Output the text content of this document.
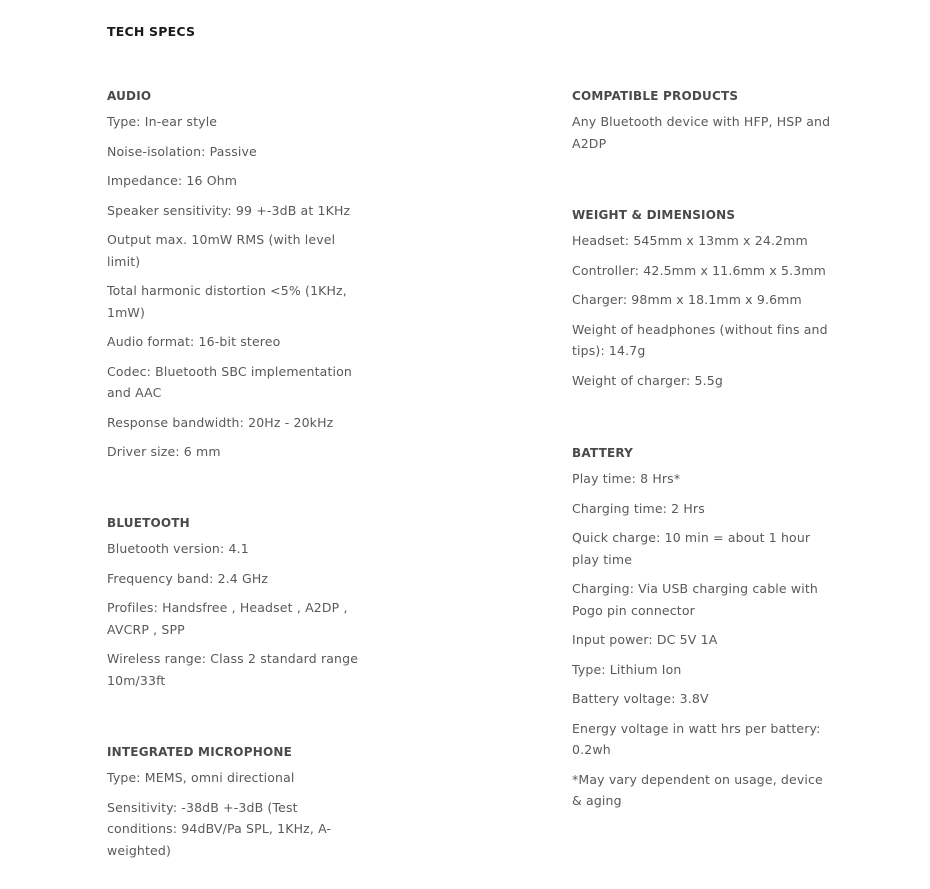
TECH SPECS
AUDIO
Type: In-ear style
Noise-isolation: Passive
Impedance: 16 Ohm
Speaker sensitivity: 99 +-3dB at 1KHz
Output max. 10mW RMS (with level limit)
Total harmonic distortion <5% (1KHz, 1mW)
Audio format: 16-bit stereo
Codec: Bluetooth SBC implementation and AAC
Response bandwidth: 20Hz - 20kHz
Driver size: 6 mm
BLUETOOTH
Bluetooth version: 4.1
Frequency band: 2.4 GHz
Profiles: Handsfree , Headset , A2DP , AVCRP , SPP
Wireless range: Class 2 standard range 10m/33ft
INTEGRATED MICROPHONE
Type: MEMS, omni directional
Sensitivity: -38dB +-3dB (Test conditions: 94dBV/Pa SPL, 1KHz, A-weighted)
COMPATIBLE PRODUCTS
Any Bluetooth device with HFP, HSP and A2DP
WEIGHT & DIMENSIONS
Headset: 545mm x 13mm x 24.2mm
Controller: 42.5mm x 11.6mm x 5.3mm
Charger: 98mm x 18.1mm x 9.6mm
Weight of headphones (without fins and tips): 14.7g
Weight of charger: 5.5g
BATTERY
Play time: 8 Hrs*
Charging time: 2 Hrs
Quick charge: 10 min = about 1 hour play time
Charging: Via USB charging cable with Pogo pin connector
Input power: DC 5V 1A
Type: Lithium Ion
Battery voltage: 3.8V
Energy voltage in watt hrs per battery: 0.2wh
*May vary dependent on usage, device & aging
